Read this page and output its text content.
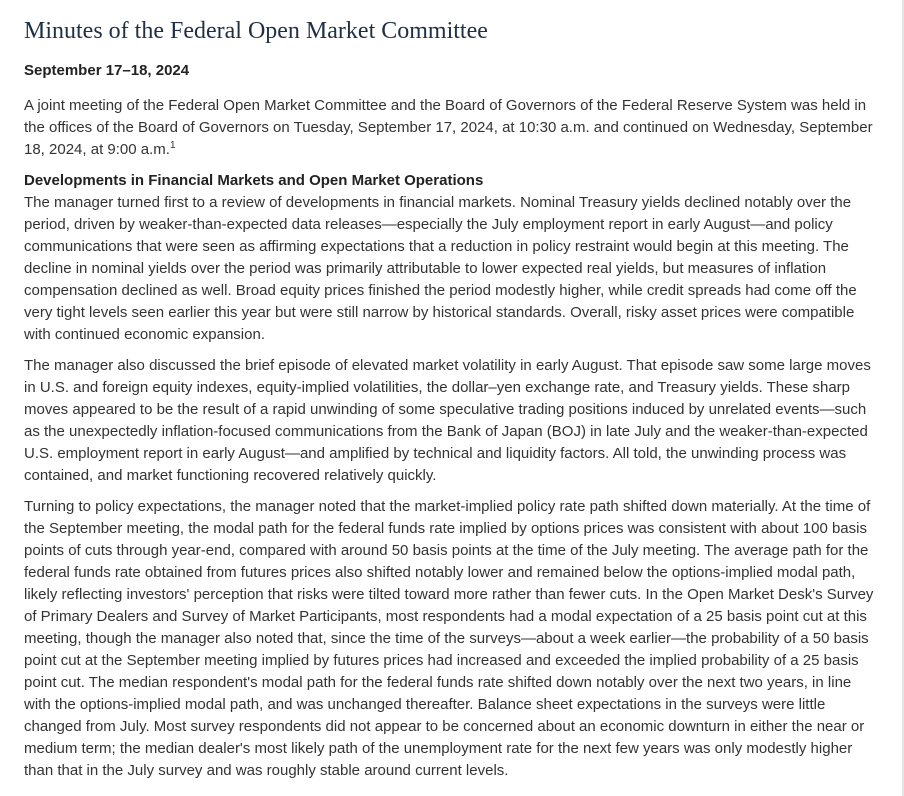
Minutes of the Federal Open Market Committee
September 17–18, 2024

A joint meeting of the Federal Open Market Committee and the Board of Governors of the Federal Reserve System was held in the offices of the Board of Governors on Tuesday, September 17, 2024, at 10:30 a.m. and continued on Wednesday, September 18, 2024, at 9:00 a.m.$^1$

Developments in Financial Markets and Open Market Operations

The manager turned first to a review of developments in financial markets. Nominal Treasury yields declined notably over the period, driven by weaker-than-expected data releases—especially the July employment report in early August—and policy communications that were seen as affirming expectations that a reduction in policy restraint would begin at this meeting. The decline in nominal yields over the period was primarily attributable to lower expected real yields, but measures of inflation compensation declined as well. Broad equity prices finished the period modestly higher, while credit spreads had come off the very tight levels seen earlier this year but were still narrow by historical standards. Overall, risky asset prices were compatible with continued economic expansion.

The manager also discussed the brief episode of elevated market volatility in early August. That episode saw some large moves in U.S. and foreign equity indexes, equity-implied volatilities, the dollar–yen exchange rate, and Treasury yields. These sharp moves appeared to be the result of a rapid unwinding of some speculative trading positions induced by unrelated events—such as the unexpectedly inflation-focused communications from the Bank of Japan (BOJ) in late July and the weaker-than-expected U.S. employment report in early August—and amplified by technical and liquidity factors. All told, the unwinding process was contained, and market functioning recovered relatively quickly.

Turning to policy expectations, the manager noted that the market-implied policy rate path shifted down materially. At the time of the September meeting, the modal path for the federal funds rate implied by options prices was consistent with about 100 basis points of cuts through year-end, compared with around 50 basis points at the time of the July meeting. The average path for the federal funds rate obtained from futures prices also shifted notably lower and remained below the options-implied modal path, likely reflecting investors' perception that risks were tilted toward more rather than fewer cuts. In the Open Market Desk's Survey of Primary Dealers and Survey of Market Participants, most respondents had a modal expectation of a 25 basis point cut at this meeting, though the manager also noted that, since the time of the surveys—about a week earlier—the probability of a 50 basis point cut at the September meeting implied by futures prices had increased and exceeded the implied probability of a 25 basis point cut. The median respondent's modal path for the federal funds rate shifted down notably over the next two years, in line with the options-implied modal path, and was unchanged thereafter. Balance sheet expectations in the surveys were little changed from July. Most survey respondents did not appear to be concerned about an economic downturn in either the near or medium term; the median dealer's most likely path of the unemployment rate for the next few years was only modestly higher than that in the July survey and was roughly stable around current levels.
